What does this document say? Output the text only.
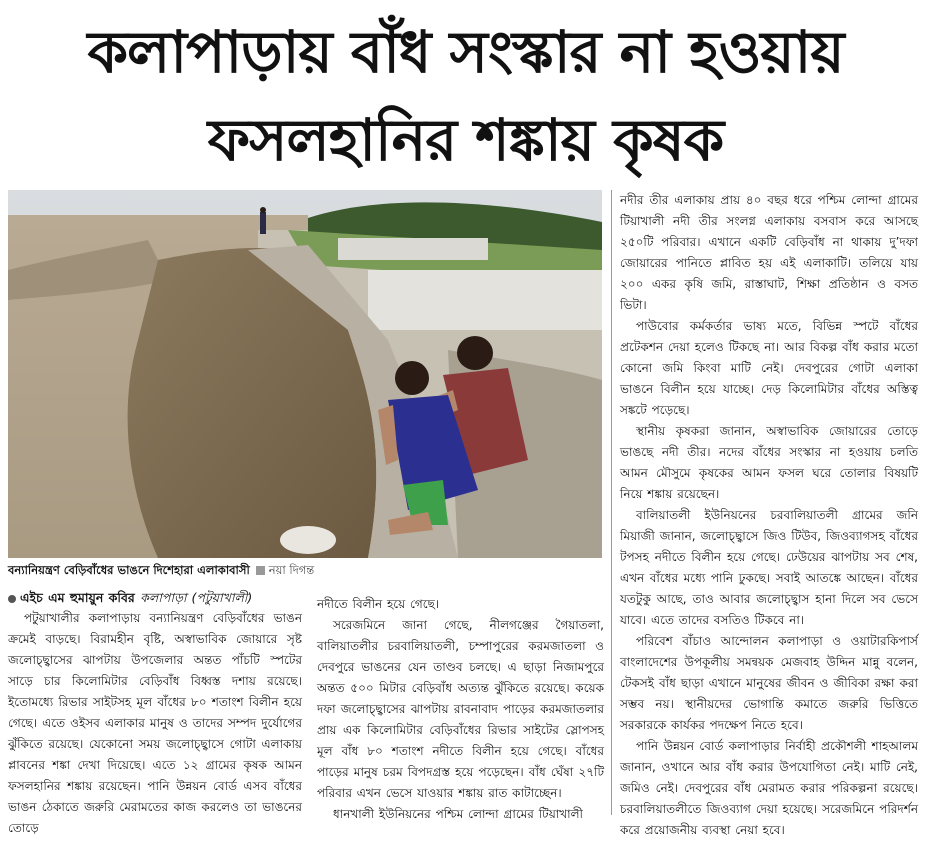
কলাপাড়ায় বাঁধ সংস্কার না হওয়ায়
ফসলহানির শঙ্কায় কৃষক
বন্যানিয়ন্ত্রণ বেড়িবাঁধের ভাঙনে দিশেহারা এলাকাবাসী নয়া দিগন্ত
এইচ এম হুমায়ুন কবির কলাপাড়া (পটুয়াখালী)

পটুয়াখালীর কলাপাড়ায় বন্যানিয়ন্ত্রণ বেড়িবাঁধের ভাঙন ক্রমেই বাড়ছে। বিরামহীন বৃষ্টি, অস্বাভাবিক জোয়ারে সৃষ্ট জলোচ্ছ্বাসের ঝাপটায় উপজেলার অন্তত পাঁচটি স্পটের সাড়ে চার কিলোমিটার বেড়িবাঁধ বিধ্বস্ত দশায় রয়েছে। ইতোমধ্যে রিভার সাইটসহ মূল বাঁধের ৮০ শতাংশ বিলীন হয়ে গেছে। এতে ওইসব এলাকার মানুষ ও তাদের সম্পদ দুর্যোগের ঝুঁকিতে রয়েছে। যেকোনো সময় জলোচ্ছ্বাসে গোটা এলাকায় প্লাবনের শঙ্কা দেখা দিয়েছে। এতে ১২ গ্রামের কৃষক আমন ফসলহানির শঙ্কায় রয়েছেন। পানি উন্নয়ন বোর্ড এসব বাঁধের ভাঙন ঠেকাতে জরুরি মেরামতের কাজ করলেও তা ভাঙনের তোড়ে

নদীতে বিলীন হয়ে গেছে।

সরেজমিনে জানা গেছে, নীলগঞ্জের গৈয়াতলা, বালিয়াতলীর চরবালিয়াতলী, চম্পাপুরের করমজাতলা ও দেবপুরে ভাঙনের যেন তাণ্ডব চলছে। এ ছাড়া নিজামপুরে অন্তত ৫০০ মিটার বেড়িবাঁধ অত্যন্ত ঝুঁকিতে রয়েছে। কয়েক দফা জলোচ্ছ্বাসের ঝাপটায় রাবনাবাদ পাড়ের করমজাতলার প্রায় এক কিলোমিটার বেড়িবাঁধের রিভার সাইটের স্লোপসহ মূল বাঁধ ৮০ শতাংশ নদীতে বিলীন হয়ে গেছে। বাঁধের পাড়ের মানুষ চরম বিপদগ্রস্ত হয়ে পড়েছেন। বাঁধ ঘেঁষা ২৭টি পরিবার এখন ভেসে যাওয়ার শঙ্কায় রাত কাটাচ্ছেন।

ধানখালী ইউনিয়নের পশ্চিম লোন্দা গ্রামের টিয়াখালী

নদীর তীর এলাকায় প্রায় ৪০ বছর ধরে পশ্চিম লোন্দা গ্রামের টিয়াখালী নদী তীর সংলগ্ন এলাকায় বসবাস করে আসছে ২৫০টি পরিবার। এখানে একটি বেড়িবাঁধ না থাকায় দু’দফা জোয়ারের পানিতে প্লাবিত হয় এই এলাকাটি। তলিয়ে যায় ২০০ একর কৃষি জমি, রাস্তাঘাট, শিক্ষা প্রতিষ্ঠান ও বসত ভিটা।

পাউবোর কর্মকর্তার ভাষ্য মতে, বিভিন্ন স্পটে বাঁধের প্রটেকশন দেয়া হলেও টিকছে না। আর বিকল্প বাঁধ করার মতো কোনো জমি কিংবা মাটি নেই। দেবপুরের গোটা এলাকা ভাঙনে বিলীন হয়ে যাচ্ছে। দেড় কিলোমিটার বাঁধের অস্তিত্ব সঙ্কটে পড়েছে।

স্থানীয় কৃষকরা জানান, অস্বাভাবিক জোয়ারের তোড়ে ভাঙছে নদী তীর। নদের বাঁধের সংস্কার না হওয়ায় চলতি আমন মৌসুমে কৃষকের আমন ফসল ঘরে তোলার বিষয়টি নিয়ে শঙ্কায় রয়েছেন।

বালিয়াতলী ইউনিয়নের চরবালিয়াতলী গ্রামের জনি মিয়াজী জানান, জলোচ্ছ্বাসে জিও টিউব, জিওব্যাগসহ বাঁধের টপসহ নদীতে বিলীন হয়ে গেছে। ঢেউয়ের ঝাপটায় সব শেষ, এখন বাঁধের মধ্যে পানি ঢুকছে। সবাই আতঙ্কে আছেন। বাঁধের যতটুকু আছে, তাও আবার জলোচ্ছ্বাস হানা দিলে সব ভেসে যাবে। এতে তাদের বসতিও টিকবে না।

পরিবেশ বাঁচাও আন্দোলন কলাপাড়া ও ওয়াটারকিপার্স বাংলাদেশের উপকূলীয় সমন্বয়ক মেজবাহ উদ্দিন মান্নু বলেন, টেকসই বাঁধ ছাড়া এখানে মানুষের জীবন ও জীবিকা রক্ষা করা সম্ভব নয়। স্থানীয়দের ভোগান্তি কমাতে জরুরি ভিত্তিতে সরকারকে কার্যকর পদক্ষেপ নিতে হবে।

পানি উন্নয়ন বোর্ড কলাপাড়ার নির্বাহী প্রকৌশলী শাহআলম জানান, ওখানে আর বাঁধ করার উপযোগিতা নেই। মাটি নেই, জমিও নেই। দেবপুরের বাঁধ মেরামত করার পরিকল্পনা রয়েছে। চরবালিয়াতলীতে জিওব্যাগ দেয়া হয়েছে। সরেজমিনে পরিদর্শন করে প্রয়োজনীয় ব্যবস্থা নেয়া হবে।
